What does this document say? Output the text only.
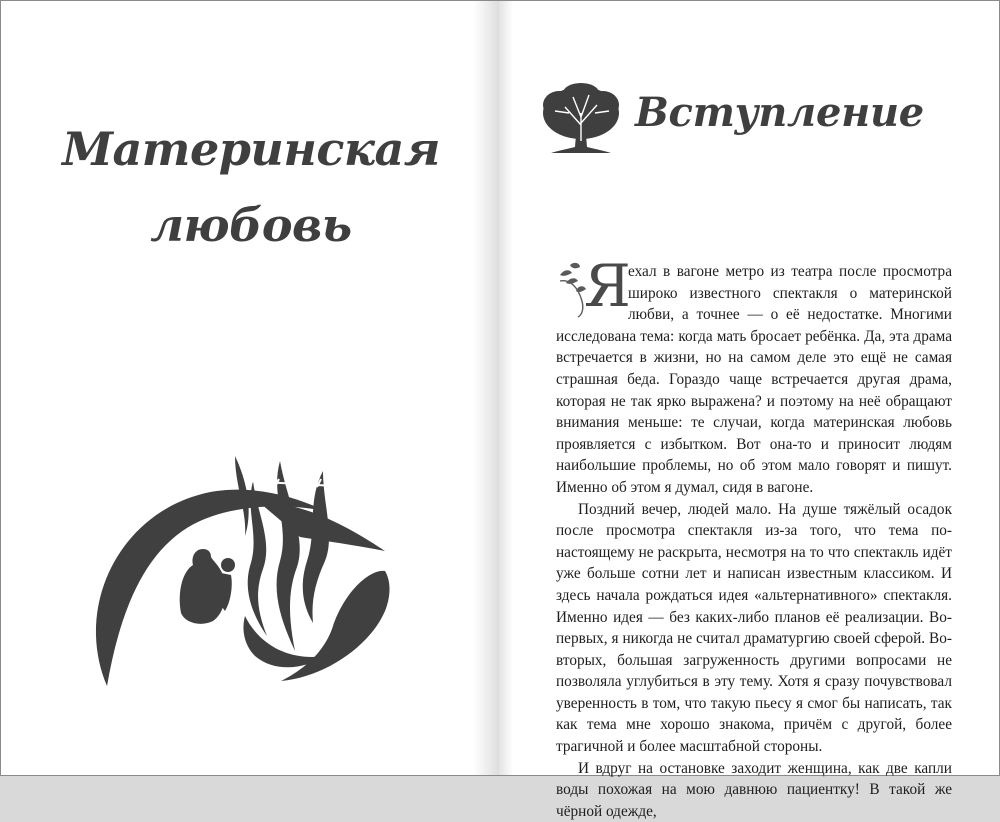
Материнская
любовь
Вступление

Я
ехал в вагоне метро из театра после просмотра широко известного спектакля о материнской любви, а точнее — о её недостатке. Многими исследована тема: когда мать бросает ребёнка. Да, эта драма встречается в жизни, но на самом деле это ещё не самая страшная беда. Гораздо чаще встречается другая драма, которая не так ярко выражена? и поэтому на неё обращают внимания меньше: те случаи, когда материнская любовь проявляется с избытком. Вот она-то и приносит людям наибольшие проблемы, но об этом мало говорят и пишут. Именно об этом я думал, сидя в вагоне.

Поздний вечер, людей мало. На душе тяжёлый осадок после просмотра спектакля из-за того, что тема по-настоящему не раскрыта, несмотря на то что спектакль идёт уже больше сотни лет и написан известным классиком. И здесь начала рождаться идея «альтернативного» спектакля. Именно идея — без каких-либо планов её реализации. Во-первых, я никогда не считал драматургию своей сферой. Во-вторых, большая загруженность другими вопросами не позволяла углубиться в эту тему. Хотя я сразу почувствовал уверенность в том, что такую пьесу я смог бы написать, так как тема мне хорошо знакома, причём с другой, более трагичной и более масштабной стороны.

И вдруг на остановке заходит женщина, как две капли воды похожая на мою давнюю пациентку! В такой же чёрной одежде,
